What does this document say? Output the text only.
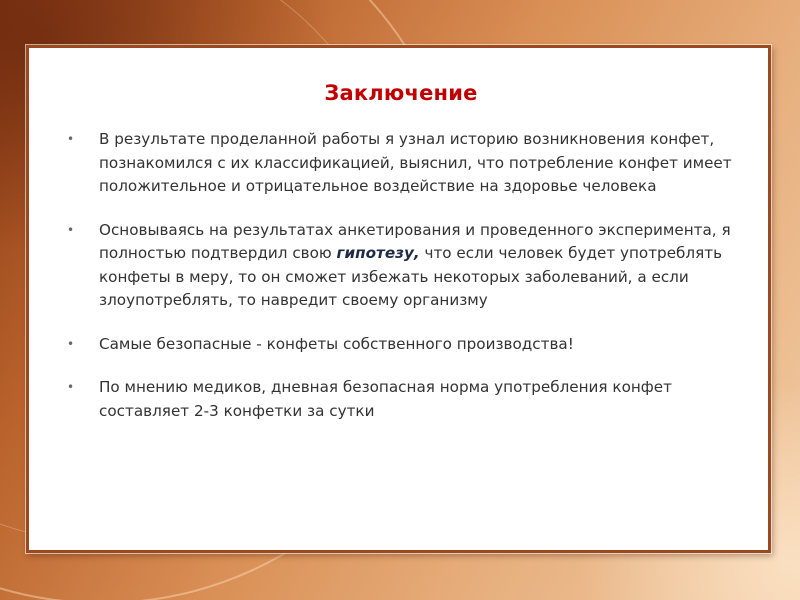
Заключение
• В результате проделанной работы я узнал историю возникновения конфет, познакомился с их классификацией, выяснил, что потребление конфет имеет положительное и отрицательное воздействие на здоровье человека
• Основываясь на результатах анкетирования и проведенного эксперимента, я полностью подтвердил свою гипотезу, что если человек будет употреблять конфеты в меру, то он сможет избежать некоторых заболеваний, а если злоупотреблять, то навредит своему организму
• Самые безопасные - конфеты собственного производства!
• По мнению медиков, дневная безопасная норма употребления конфет составляет 2-3 конфетки за сутки
